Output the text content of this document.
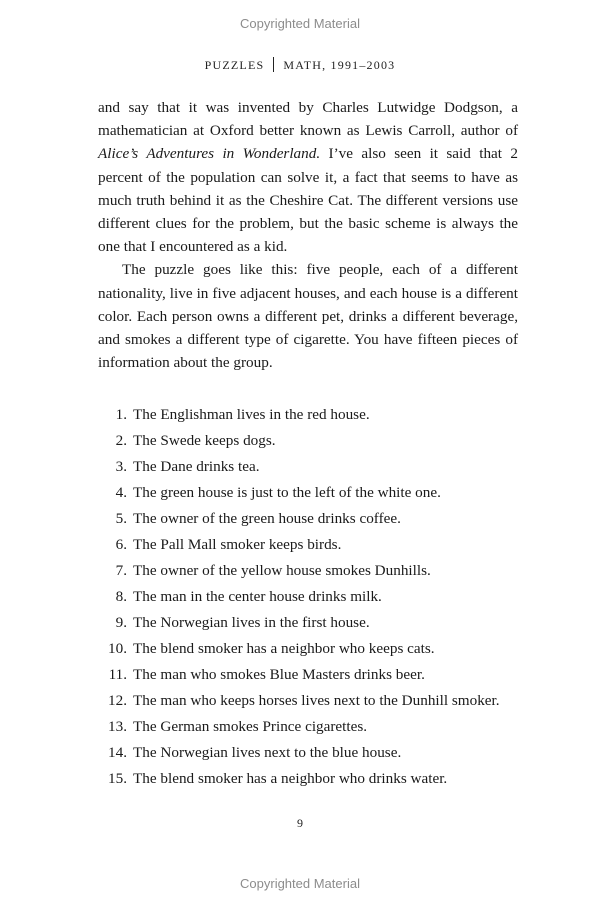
Copyrighted Material
PUZZLES MATH, 1991–2003

and say that it was invented by Charles Lutwidge Dodgson, a mathematician at Oxford better known as Lewis Carroll, author of Alice’s Adventures in Wonderland. I’ve also seen it said that 2 percent of the population can solve it, a fact that seems to have as much truth behind it as the Cheshire Cat. The different versions use different clues for the problem, but the basic scheme is always the one that I encountered as a kid.

The puzzle goes like this: five people, each of a different nationality, live in five adjacent houses, and each house is a different color. Each person owns a different pet, drinks a different beverage, and smokes a different type of cigarette. You have fifteen pieces of information about the group.

1. The Englishman lives in the red house.
2. The Swede keeps dogs.
3. The Dane drinks tea.
4. The green house is just to the left of the white one.
5. The owner of the green house drinks coffee.
6. The Pall Mall smoker keeps birds.
7. The owner of the yellow house smokes Dunhills.
8. The man in the center house drinks milk.
9. The Norwegian lives in the first house.
10. The blend smoker has a neighbor who keeps cats.
11. The man who smokes Blue Masters drinks beer.
12. The man who keeps horses lives next to the Dunhill smoker.
13. The German smokes Prince cigarettes.
14. The Norwegian lives next to the blue house.
15. The blend smoker has a neighbor who drinks water.
9
Copyrighted Material
